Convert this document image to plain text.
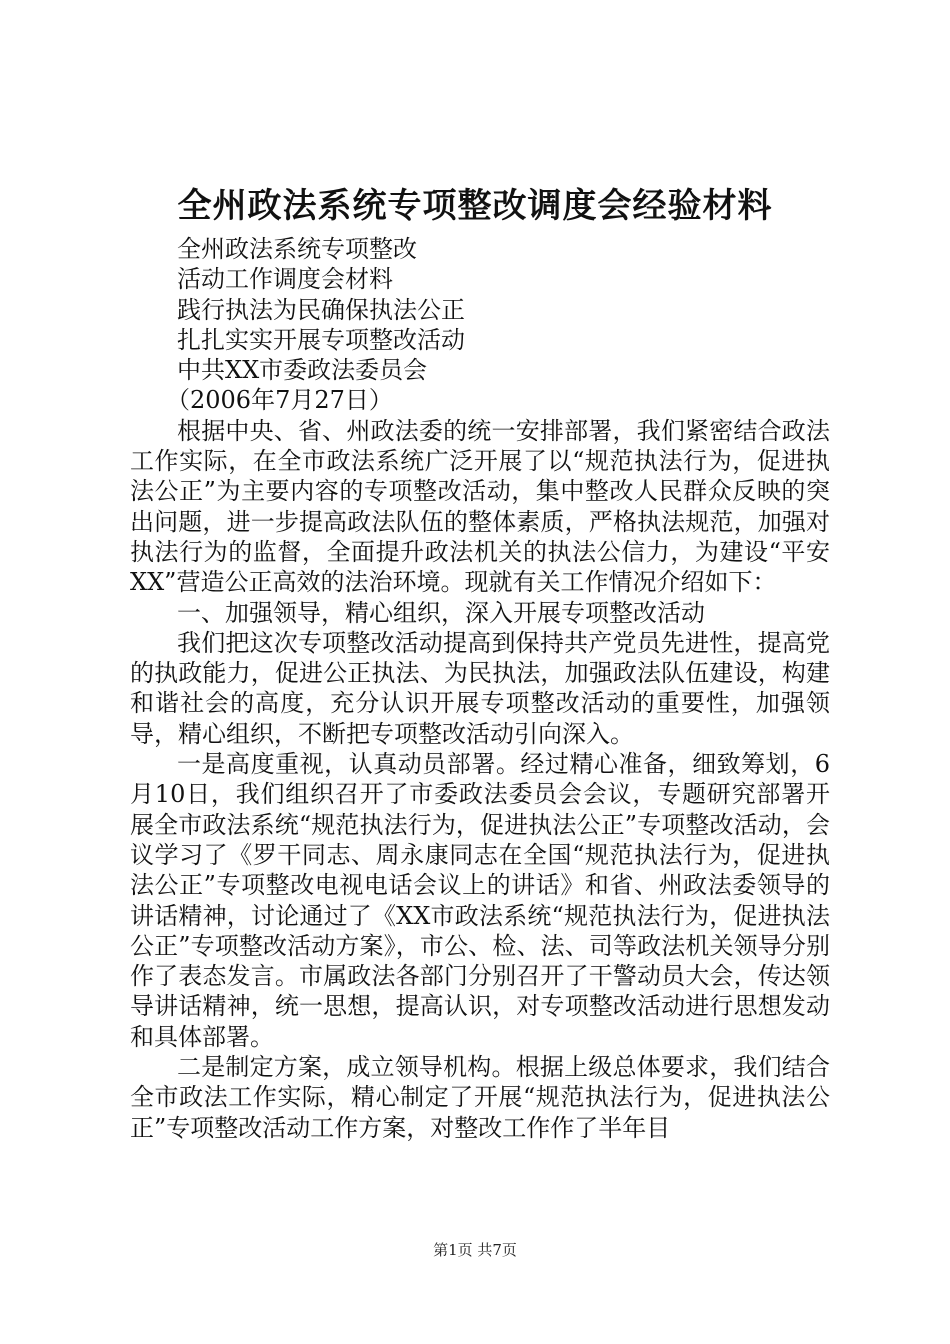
全州政法系统专项整改调度会经验材料
全州政法系统专项整改
活动工作调度会材料
践行执法为民确保执法公正
扎扎实实开展专项整改活动
中共XX市委政法委员会
（2006年7月27日）

根据中央、省、州政法委的统一安排部署，我们紧密结合政法工作实际，在全市政法系统广泛开展了以“规范执法行为，促进执法公正”为主要内容的专项整改活动，集中整改人民群众反映的突出问题，进一步提高政法队伍的整体素质，严格执法规范，加强对执法行为的监督，全面提升政法机关的执法公信力，为建设“平安XX”营造公正高效的法治环境。现就有关工作情况介绍如下：

一、加强领导，精心组织，深入开展专项整改活动

我们把这次专项整改活动提高到保持共产党员先进性，提高党的执政能力，促进公正执法、为民执法，加强政法队伍建设，构建和谐社会的高度，充分认识开展专项整改活动的重要性，加强领导，精心组织，不断把专项整改活动引向深入。

一是高度重视，认真动员部署。经过精心准备，细致筹划，6月10日，我们组织召开了市委政法委员会会议，专题研究部署开展全市政法系统“规范执法行为，促进执法公正”专项整改活动，会议学习了《罗干同志、周永康同志在全国“规范执法行为，促进执法公正”专项整改电视电话会议上的讲话》和省、州政法委领导的讲话精神，讨论通过了《XX市政法系统“规范执法行为，促进执法公正”专项整改活动方案》，市公、检、法、司等政法机关领导分别作了表态发言。市属政法各部门分别召开了干警动员大会，传达领导讲话精神，统一思想，提高认识，对专项整改活动进行思想发动和具体部署。

二是制定方案，成立领导机构。根据上级总体要求，我们结合全市政法工作实际，精心制定了开展“规范执法行为，促进执法公正”专项整改活动工作方案，对整改工作作了半年目

第1页 共7页
